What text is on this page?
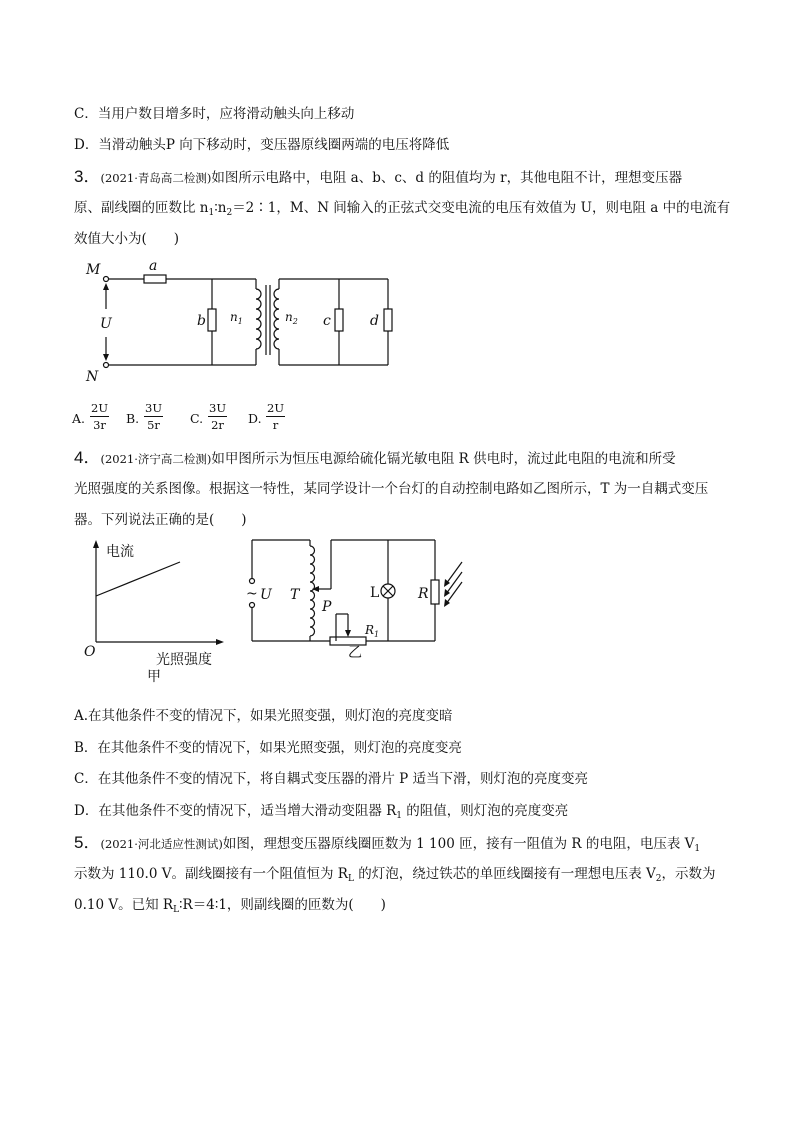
C．当用户数目增多时，应将滑动触头向上移动
D．当滑动触头P 向下移动时，变压器原线圈两端的电压将降低
3．(2021·青岛高二检测)如图所示电路中，电阻 a、b、c、d 的阻值均为 r，其他电阻不计，理想变压器
原、副线圈的匝数比 $n_1∶n_2=2∶1$，M、N 间输入的正弦式交变电流的电压有效值为 U，则电阻 a 中的电流有
效值大小为(　　)
M
N
U
a
b $n_1$	$n_2$ c	d
A. $\frac{2U}{3r} B$. $\frac{3U}{5r} C$. $\frac{3U}{2r} D$. $\frac{2U}{r}$
4．(2021·济宁高二检测)如甲图所示为恒压电源给硫化镉光敏电阻 R 供电时，流过此电阻的电流和所受
光照强度的关系图像。根据这一特性，某同学设计一个台灯的自动控制电路如乙图所示，T 为一自耦式变压
器。下列说法正确的是(　　)
电流
O	光照强度
甲
~ U T
P
L	R
$R_1$
乙
A.在其他条件不变的情况下，如果光照变强，则灯泡的亮度变暗
B．在其他条件不变的情况下，如果光照变强，则灯泡的亮度变亮
C．在其他条件不变的情况下，将自耦式变压器的滑片 P 适当下滑，则灯泡的亮度变亮
D．在其他条件不变的情况下，适当增大滑动变阻器 $R_1$ 的阻值，则灯泡的亮度变亮
5．(2021·河北适应性测试)如图，理想变压器原线圈匝数为 1 100 匝，接有一阻值为 R 的电阻，电压表 $V_1$
示数为 110.0 V。副线圈接有一个阻值恒为 $R_L$ 的灯泡，绕过铁芯的单匝线圈接有一理想电压表 $V_2$，示数为
0.10 V。已知 $R_L∶R=4∶1$，则副线圈的匝数为(　　)
